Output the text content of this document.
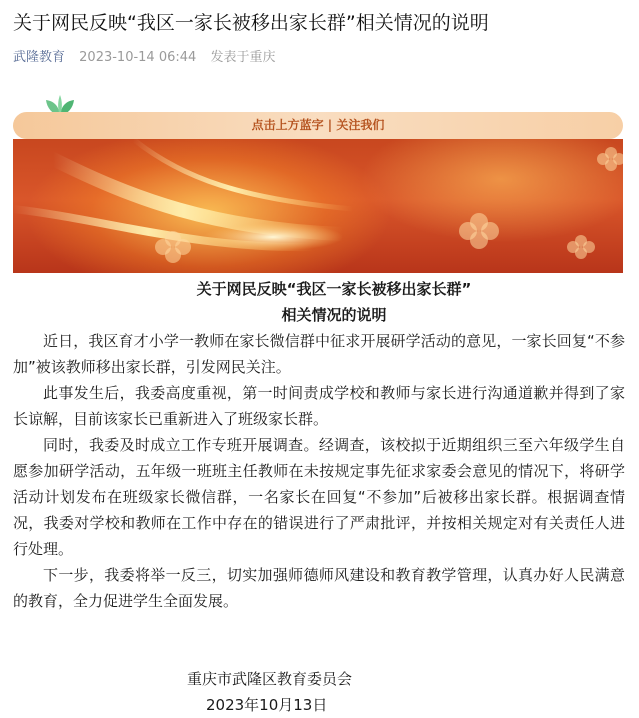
关于网民反映“我区一家长被移出家长群”相关情况的说明
武隆教育 2023-10-14 06:44 发表于重庆
点击上方蓝字 | 关注我们

关于网民反映“我区一家长被移出家长群”

相关情况的说明

近日，我区育才小学一教师在家长微信群中征求开展研学活动的意见，一家长回复“不参加”被该教师移出家长群，引发网民关注。

此事发生后，我委高度重视，第一时间责成学校和教师与家长进行沟通道歉并得到了家长谅解，目前该家长已重新进入了班级家长群。

同时，我委及时成立工作专班开展调查。经调查，该校拟于近期组织三至六年级学生自愿参加研学活动，五年级一班班主任教师在未按规定事先征求家委会意见的情况下，将研学活动计划发布在班级家长微信群，一名家长在回复“不参加”后被移出家长群。根据调查情况，我委对学校和教师在工作中存在的错误进行了严肃批评，并按相关规定对有关责任人进行处理。

下一步，我委将举一反三，切实加强师德师风建设和教育教学管理，认真办好人民满意的教育，全力促进学生全面发展。

重庆市武隆区教育委员会

2023年10月13日
